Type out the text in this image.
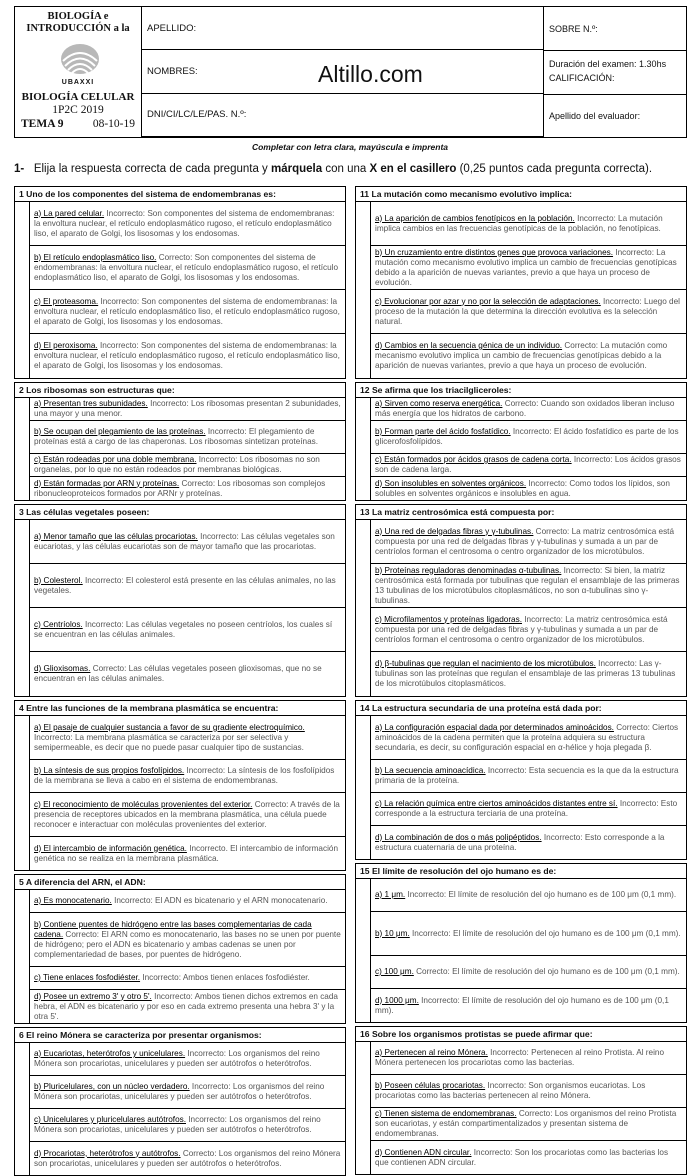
BIOLOGÍA e INTRODUCCIÓN a la
UBAXXI
BIOLOGÍA CELULAR
1P2C 2019
TEMA 9	08-10-19
APELLIDO:
NOMBRES:
DNI/CI/LC/LE/PAS. N.º:
Altillo.com
SOBRE N.º:
Duración del examen: 1.30hs
CALIFICACIÓN:
Apellido del evaluador:
Completar con letra clara, mayúscula e imprenta
1- Elija la respuesta correcta de cada pregunta y márquela con una X en el casillero (0,25 puntos cada pregunta correcta).
1 Uno de los componentes del sistema de endomembranas es:
a) La pared celular. Incorrecto: Son componentes del sistema de endomembranas: la envoltura nuclear, el retículo endoplasmático rugoso, el retículo endoplasmático liso, el aparato de Golgi, los lisosomas y los endosomas.
b) El retículo endoplasmático liso. Correcto: Son componentes del sistema de endomembranas: la envoltura nuclear, el retículo endoplasmático rugoso, el retículo endoplasmático liso, el aparato de Golgi, los lisosomas y los endosomas.
c) El proteasoma. Incorrecto: Son componentes del sistema de endomembranas: la envoltura nuclear, el retículo endoplasmático liso, el retículo endoplasmático rugoso, el aparato de Golgi, los lisosomas y los endosomas.
d) El peroxisoma. Incorrecto: Son componentes del sistema de endomembranas: la envoltura nuclear, el retículo endoplasmático rugoso, el retículo endoplasmático liso, el aparato de Golgi, los lisosomas y los endosomas.
2 Los ribosomas son estructuras que:
a) Presentan tres subunidades. Incorrecto: Los ribosomas presentan 2 subunidades, una mayor y una menor.
b) Se ocupan del plegamiento de las proteínas. Incorrecto: El plegamiento de proteínas está a cargo de las chaperonas. Los ribosomas sintetizan proteínas.
c) Están rodeadas por una doble membrana. Incorrecto: Los ribosomas no son organelas, por lo que no están rodeados por membranas biológicas.
d) Están formadas por ARN y proteínas. Correcto: Los ribosomas son complejos ribonucleoproteicos formados por ARNr y proteínas.
3 Las células vegetales poseen:
a) Menor tamaño que las células procariotas. Incorrecto: Las células vegetales son eucariotas, y las células eucariotas son de mayor tamaño que las procariotas.
b) Colesterol. Incorrecto: El colesterol está presente en las células animales, no las vegetales.
c) Centríolos. Incorrecto: Las células vegetales no poseen centríolos, los cuales sí se encuentran en las células animales.
d) Glioxisomas. Correcto: Las células vegetales poseen glioxisomas, que no se encuentran en las células animales.
4 Entre las funciones de la membrana plasmática se encuentra:
a) El pasaje de cualquier sustancia a favor de su gradiente electroquímico. Incorrecto: La membrana plasmática se caracteriza por ser selectiva y semipermeable, es decir que no puede pasar cualquier tipo de sustancias.
b) La síntesis de sus propios fosfolípidos. Incorrecto: La síntesis de los fosfolípidos de la membrana se lleva a cabo en el sistema de endomembranas.
c) El reconocimiento de moléculas provenientes del exterior. Correcto: A través de la presencia de receptores ubicados en la membrana plasmática, una célula puede reconocer e interactuar con moléculas provenientes del exterior.
d) El intercambio de información genética. Incorrecto. El intercambio de información genética no se realiza en la membrana plasmática.
5 A diferencia del ARN, el ADN:
a) Es monocatenario. Incorrecto: El ADN es bicatenario y el ARN monocatenario.
b) Contiene puentes de hidrógeno entre las bases complementarias de cada cadena. Correcto: El ARN como es monocatenario, las bases no se unen por puente de hidrógeno; pero el ADN es bicatenario y ambas cadenas se unen por complementariedad de bases, por puentes de hidrógeno.
c) Tiene enlaces fosfodiéster. Incorrecto: Ambos tienen enlaces fosfodiéster.
d) Posee un extremo 3' y otro 5'. Incorrecto: Ambos tienen dichos extremos en cada hebra, el ADN es bicatenario y por eso en cada extremo presenta una hebra 3' y la otra 5'.
6 El reino Mónera se caracteriza por presentar organismos:
a) Eucariotas, heterótrofos y unicelulares. Incorrecto: Los organismos del reino Mónera son procariotas, unicelulares y pueden ser autótrofos o heterótrofos.
b) Pluricelulares, con un núcleo verdadero. Incorrecto: Los organismos del reino Mónera son procariotas, unicelulares y pueden ser autótrofos o heterótrofos.
c) Unicelulares y pluricelulares autótrofos. Incorrecto: Los organismos del reino Mónera son procariotas, unicelulares y pueden ser autótrofos o heterótrofos.
d) Procariotas, heterótrofos y autótrofos. Correcto: Los organismos del reino Mónera son procariotas, unicelulares y pueden ser autótrofos o heterótrofos.
11 La mutación como mecanismo evolutivo implica:
a) La aparición de cambios fenotípicos en la población. Incorrecto: La mutación implica cambios en las frecuencias genotípicas de la población, no fenotípicas.
b) Un cruzamiento entre distintos genes que provoca variaciones. Incorrecto: La mutación como mecanismo evolutivo implica un cambio de frecuencias genotípicas debido a la aparición de nuevas variantes, previo a que haya un proceso de evolución.
c) Evolucionar por azar y no por la selección de adaptaciones. Incorrecto: Luego del proceso de la mutación la que determina la dirección evolutiva es la selección natural.
d) Cambios en la secuencia génica de un individuo. Correcto: La mutación como mecanismo evolutivo implica un cambio de frecuencias genotípicas debido a la aparición de nuevas variantes, previo a que haya un proceso de evolución.
12 Se afirma que los triacilgliceroles:
a) Sirven como reserva energética. Correcto: Cuando son oxidados liberan incluso más energía que los hidratos de carbono.
b) Forman parte del ácido fosfatídico. Incorrecto: El ácido fosfatídico es parte de los glicerofosfolípidos.
c) Están formados por ácidos grasos de cadena corta. Incorrecto: Los ácidos grasos son de cadena larga.
d) Son insolubles en solventes orgánicos. Incorrecto: Como todos los lípidos, son solubles en solventes orgánicos e insolubles en agua.
13 La matriz centrosómica está compuesta por:
a) Una red de delgadas fibras y γ-tubulinas. Correcto: La matriz centrosómica está compuesta por una red de delgadas fibras y γ-tubulinas y sumada a un par de centríolos forman el centrosoma o centro organizador de los microtúbulos.
b) Proteínas reguladoras denominadas α-tubulinas. Incorrecto: Si bien, la matriz centrosómica está formada por tubulinas que regulan el ensamblaje de las primeras 13 tubulinas de los microtúbulos citoplasmáticos, no son α-tubulinas sino γ-tubulinas.
c) Microfilamentos y proteínas ligadoras. Incorrecto: La matriz centrosómica está compuesta por una red de delgadas fibras y γ-tubulinas y sumada a un par de centríolos forman el centrosoma o centro organizador de los microtúbulos.
d) β-tubulinas que regulan el nacimiento de los microtúbulos. Incorrecto: Las γ-tubulinas son las proteínas que regulan el ensamblaje de las primeras 13 tubulinas de los microtúbulos citoplasmáticos.
14 La estructura secundaria de una proteína está dada por:
a) La configuración espacial dada por determinados aminoácidos. Correcto: Ciertos aminoácidos de la cadena permiten que la proteína adquiera su estructura secundaria, es decir, su configuración espacial en α-hélice y hoja plegada β.
b) La secuencia aminoacídica. Incorrecto: Esta secuencia es la que da la estructura primaria de la proteína.
c) La relación química entre ciertos aminoácidos distantes entre sí. Incorrecto: Esto corresponde a la estructura terciaria de una proteína.
d) La combinación de dos o más polipéptidos. Incorrecto: Esto corresponde a la estructura cuaternaria de una proteína.
15 El límite de resolución del ojo humano es de:
a) 1 μm. Incorrecto: El límite de resolución del ojo humano es de 100 μm (0,1 mm).
b) 10 μm. Incorrecto: El límite de resolución del ojo humano es de 100 μm (0,1 mm).
c) 100 μm. Correcto: El límite de resolución del ojo humano es de 100 μm (0,1 mm).
d) 1000 μm. Incorrecto: El límite de resolución del ojo humano es de 100 μm (0,1 mm).
16 Sobre los organismos protistas se puede afirmar que:
a) Pertenecen al reino Mónera. Incorrecto: Pertenecen al reino Protista. Al reino Mónera pertenecen los procariotas como las bacterias.
b) Poseen células procariotas. Incorrecto: Son organismos eucariotas. Los procariotas como las bacterias pertenecen al reino Mónera.
c) Tienen sistema de endomembranas. Correcto: Los organismos del reino Protista son eucariotas, y están compartimentalizados y presentan sistema de endomembranas.
d) Contienen ADN circular. Incorrecto: Son los procariotas como las bacterias los que contienen ADN circular.
